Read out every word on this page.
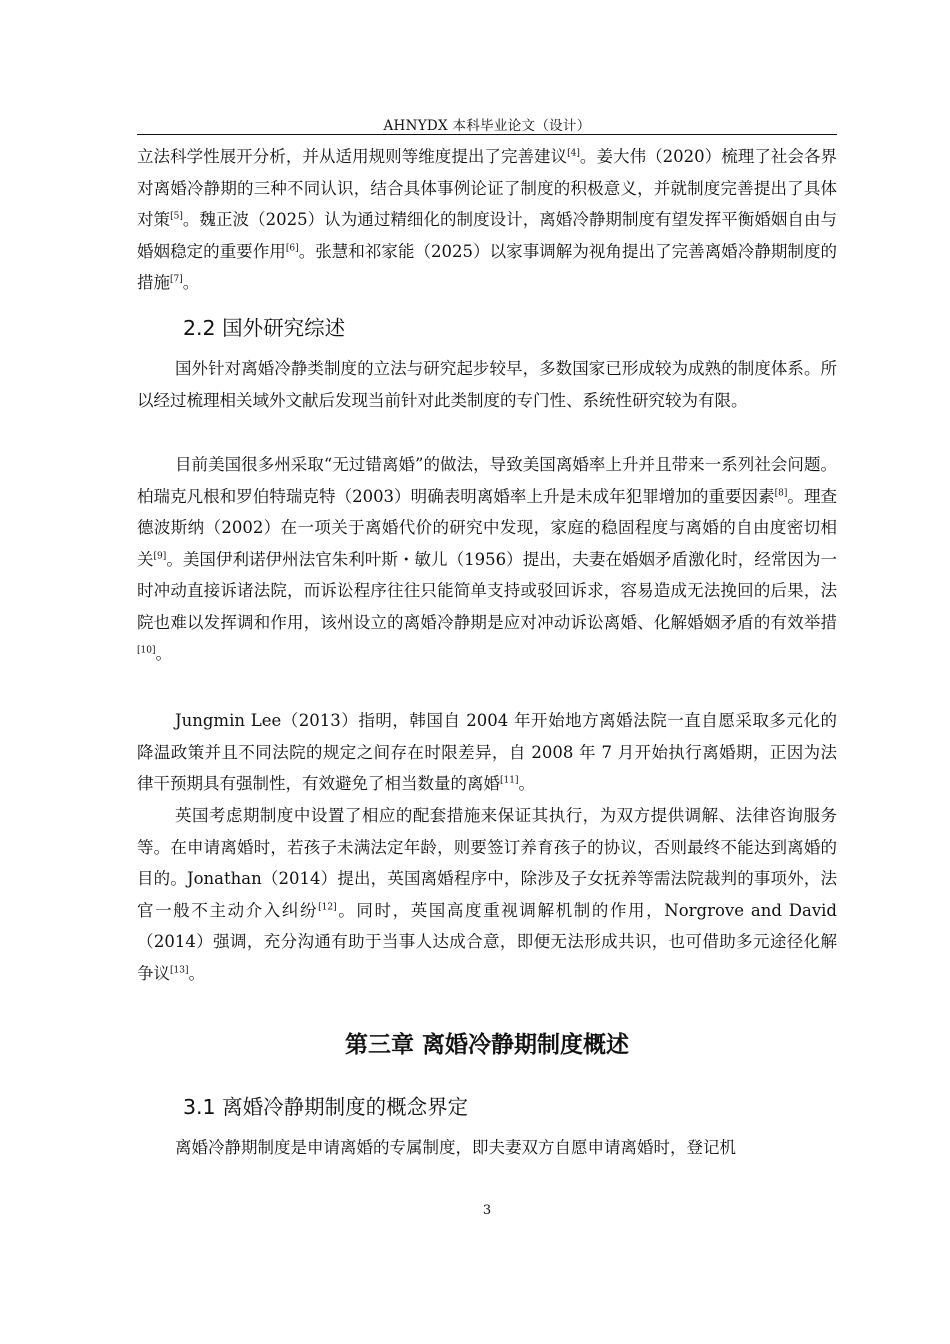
AHNYDX 本科毕业论文（设计）

立法科学性展开分析，并从适用规则等维度提出了完善建议[4]。姜大伟（2020）梳理了社会各界对离婚冷静期的三种不同认识，结合具体事例论证了制度的积极意义，并就制度完善提出了具体对策[5]。魏正波（2025）认为通过精细化的制度设计，离婚冷静期制度有望发挥平衡婚姻自由与婚姻稳定的重要作用[6]。张慧和祁家能（2025）以家事调解为视角提出了完善离婚冷静期制度的措施[7]。

2.2 国外研究综述

国外针对离婚冷静类制度的立法与研究起步较早，多数国家已形成较为成熟的制度体系。所以经过梳理相关域外文献后发现当前针对此类制度的专门性、系统性研究较为有限。

目前美国很多州采取“无过错离婚”的做法，导致美国离婚率上升并且带来一系列社会问题。柏瑞克凡根和罗伯特瑞克特（2003）明确表明离婚率上升是未成年犯罪增加的重要因素[8]。理查德波斯纳（2002）在一项关于离婚代价的研究中发现，家庭的稳固程度与离婚的自由度密切相关[9]。美国伊利诺伊州法官朱利叶斯・敏儿（1956）提出，夫妻在婚姻矛盾激化时，经常因为一时冲动直接诉诸法院，而诉讼程序往往只能简单支持或驳回诉求，容易造成无法挽回的后果，法院也难以发挥调和作用，该州设立的离婚冷静期是应对冲动诉讼离婚、化解婚姻矛盾的有效举措[10]。

Jungmin Lee（2013）指明，韩国自 2004 年开始地方离婚法院一直自愿采取多元化的降温政策并且不同法院的规定之间存在时限差异，自 2008 年 7 月开始执行离婚期，正因为法律干预期具有强制性，有效避免了相当数量的离婚[11]。

英国考虑期制度中设置了相应的配套措施来保证其执行，为双方提供调解、法律咨询服务等。在申请离婚时，若孩子未满法定年龄，则要签订养育孩子的协议，否则最终不能达到离婚的目的。Jonathan（2014）提出，英国离婚程序中，除涉及子女抚养等需法院裁判的事项外，法官一般不主动介入纠纷[12]。同时，英国高度重视调解机制的作用，Norgrove and David（2014）强调，充分沟通有助于当事人达成合意，即便无法形成共识，也可借助多元途径化解争议[13]。

第三章 离婚冷静期制度概述
3.1 离婚冷静期制度的概念界定

离婚冷静期制度是申请离婚的专属制度，即夫妻双方自愿申请离婚时，登记机

3
